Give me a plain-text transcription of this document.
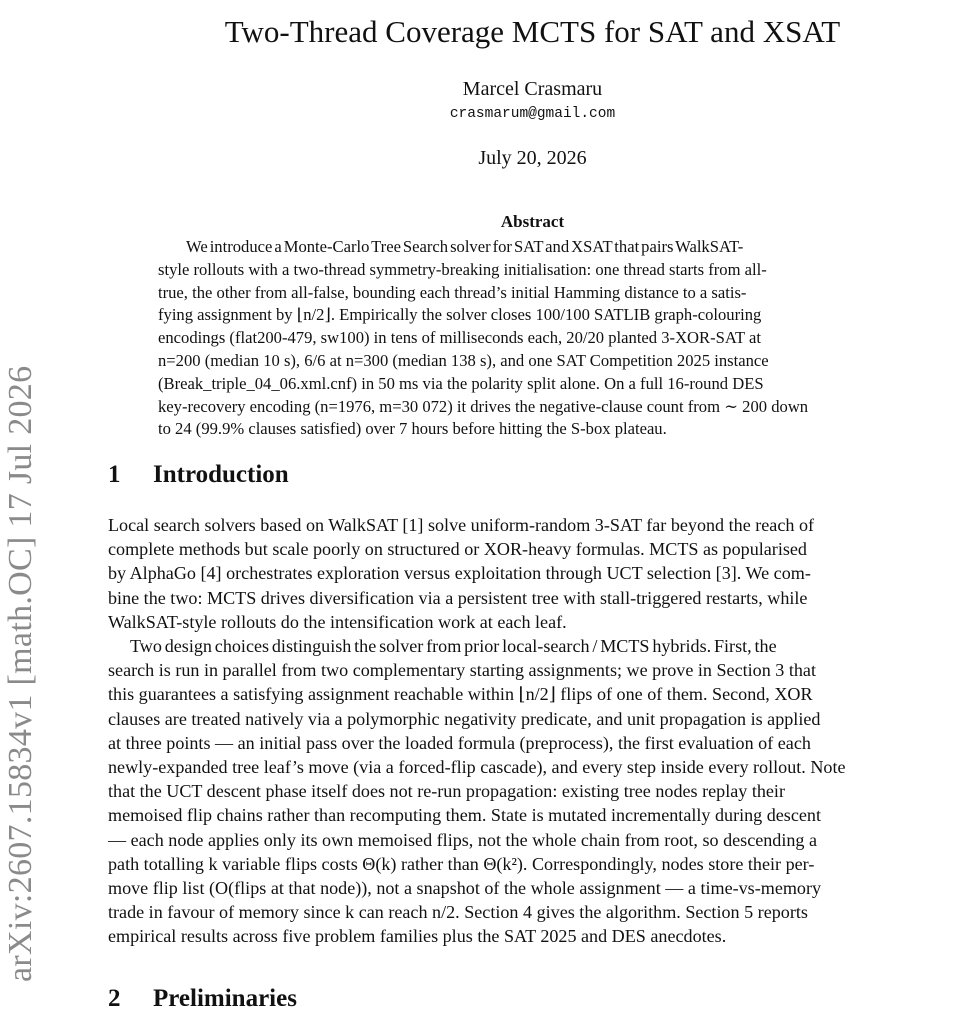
arXiv:2607.15834v1 [math.OC] 17 Jul 2026
Two-Thread Coverage MCTS for SAT and XSAT
Marcel Crasmaru
crasmarum@gmail.com
July 20, 2026
Abstract
We introduce a Monte-Carlo Tree Search solver for SAT and XSAT that pairs WalkSAT-
style rollouts with a two-thread symmetry-breaking initialisation: one thread starts from all-
true, the other from all-false, bounding each thread’s initial Hamming distance to a satis-
fying assignment by ⌊n/2⌋. Empirically the solver closes 100/100 SATLIB graph-colouring
encodings (flat200-479, sw100) in tens of milliseconds each, 20/20 planted 3-XOR-SAT at
n=200 (median 10 s), 6/6 at n=300 (median 138 s), and one SAT Competition 2025 instance
(Break_triple_04_06.xml.cnf) in 50 ms via the polarity split alone. On a full 16-round DES
key-recovery encoding (n=1976, m=30 072) it drives the negative-clause count from ∼ 200 down
to 24 (99.9% clauses satisfied) over 7 hours before hitting the S-box plateau.
1 Introduction
Local search solvers based on WalkSAT [1] solve uniform-random 3-SAT far beyond the reach of
complete methods but scale poorly on structured or XOR-heavy formulas. MCTS as popularised
by AlphaGo [4] orchestrates exploration versus exploitation through UCT selection [3]. We com-
bine the two: MCTS drives diversification via a persistent tree with stall-triggered restarts, while
WalkSAT-style rollouts do the intensification work at each leaf.
Two design choices distinguish the solver from prior local-search / MCTS hybrids. First, the
search is run in parallel from two complementary starting assignments; we prove in Section 3 that
this guarantees a satisfying assignment reachable within ⌊n/2⌋ flips of one of them. Second, XOR
clauses are treated natively via a polymorphic negativity predicate, and unit propagation is applied
at three points — an initial pass over the loaded formula (preprocess), the first evaluation of each
newly-expanded tree leaf’s move (via a forced-flip cascade), and every step inside every rollout. Note
that the UCT descent phase itself does not re-run propagation: existing tree nodes replay their
memoised flip chains rather than recomputing them. State is mutated incrementally during descent
— each node applies only its own memoised flips, not the whole chain from root, so descending a
path totalling k variable flips costs Θ(k) rather than Θ(k²). Correspondingly, nodes store their per-
move flip list (O(flips at that node)), not a snapshot of the whole assignment — a time-vs-memory
trade in favour of memory since k can reach n/2. Section 4 gives the algorithm. Section 5 reports
empirical results across five problem families plus the SAT 2025 and DES anecdotes.
2 Preliminaries
